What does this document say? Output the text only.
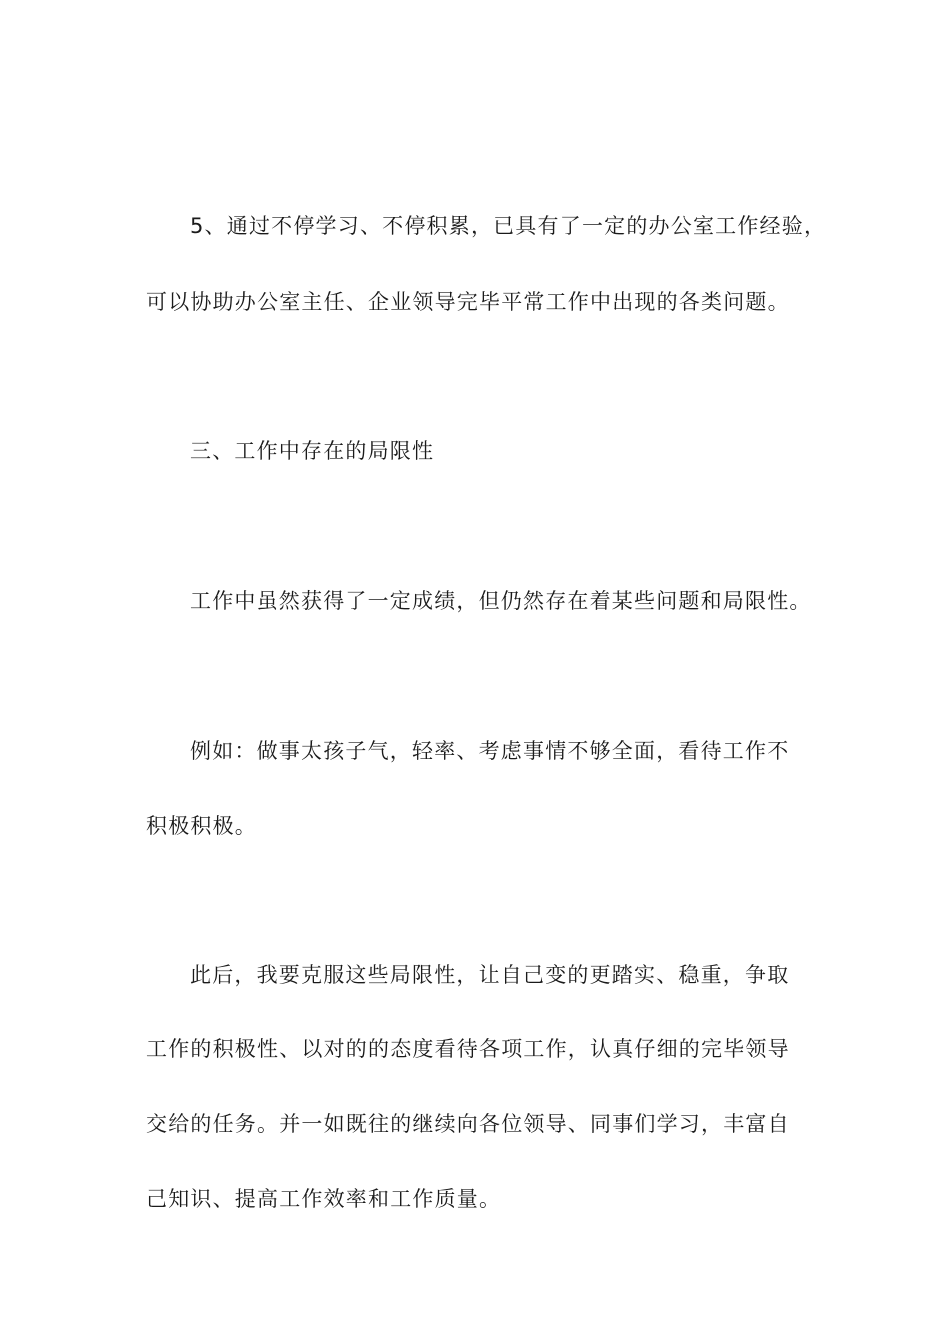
5、通过不停学习、不停积累，已具有了一定的办公室工作经验，
可以协助办公室主任、企业领导完毕平常工作中出现的各类问题。
三、工作中存在的局限性
工作中虽然获得了一定成绩，但仍然存在着某些问题和局限性。
例如：做事太孩子气，轻率、考虑事情不够全面，看待工作不
积极积极。
此后，我要克服这些局限性，让自己变的更踏实、稳重，争取
工作的积极性、以对的的态度看待各项工作，认真仔细的完毕领导
交给的任务。并一如既往的继续向各位领导、同事们学习，丰富自
己知识、提高工作效率和工作质量。
